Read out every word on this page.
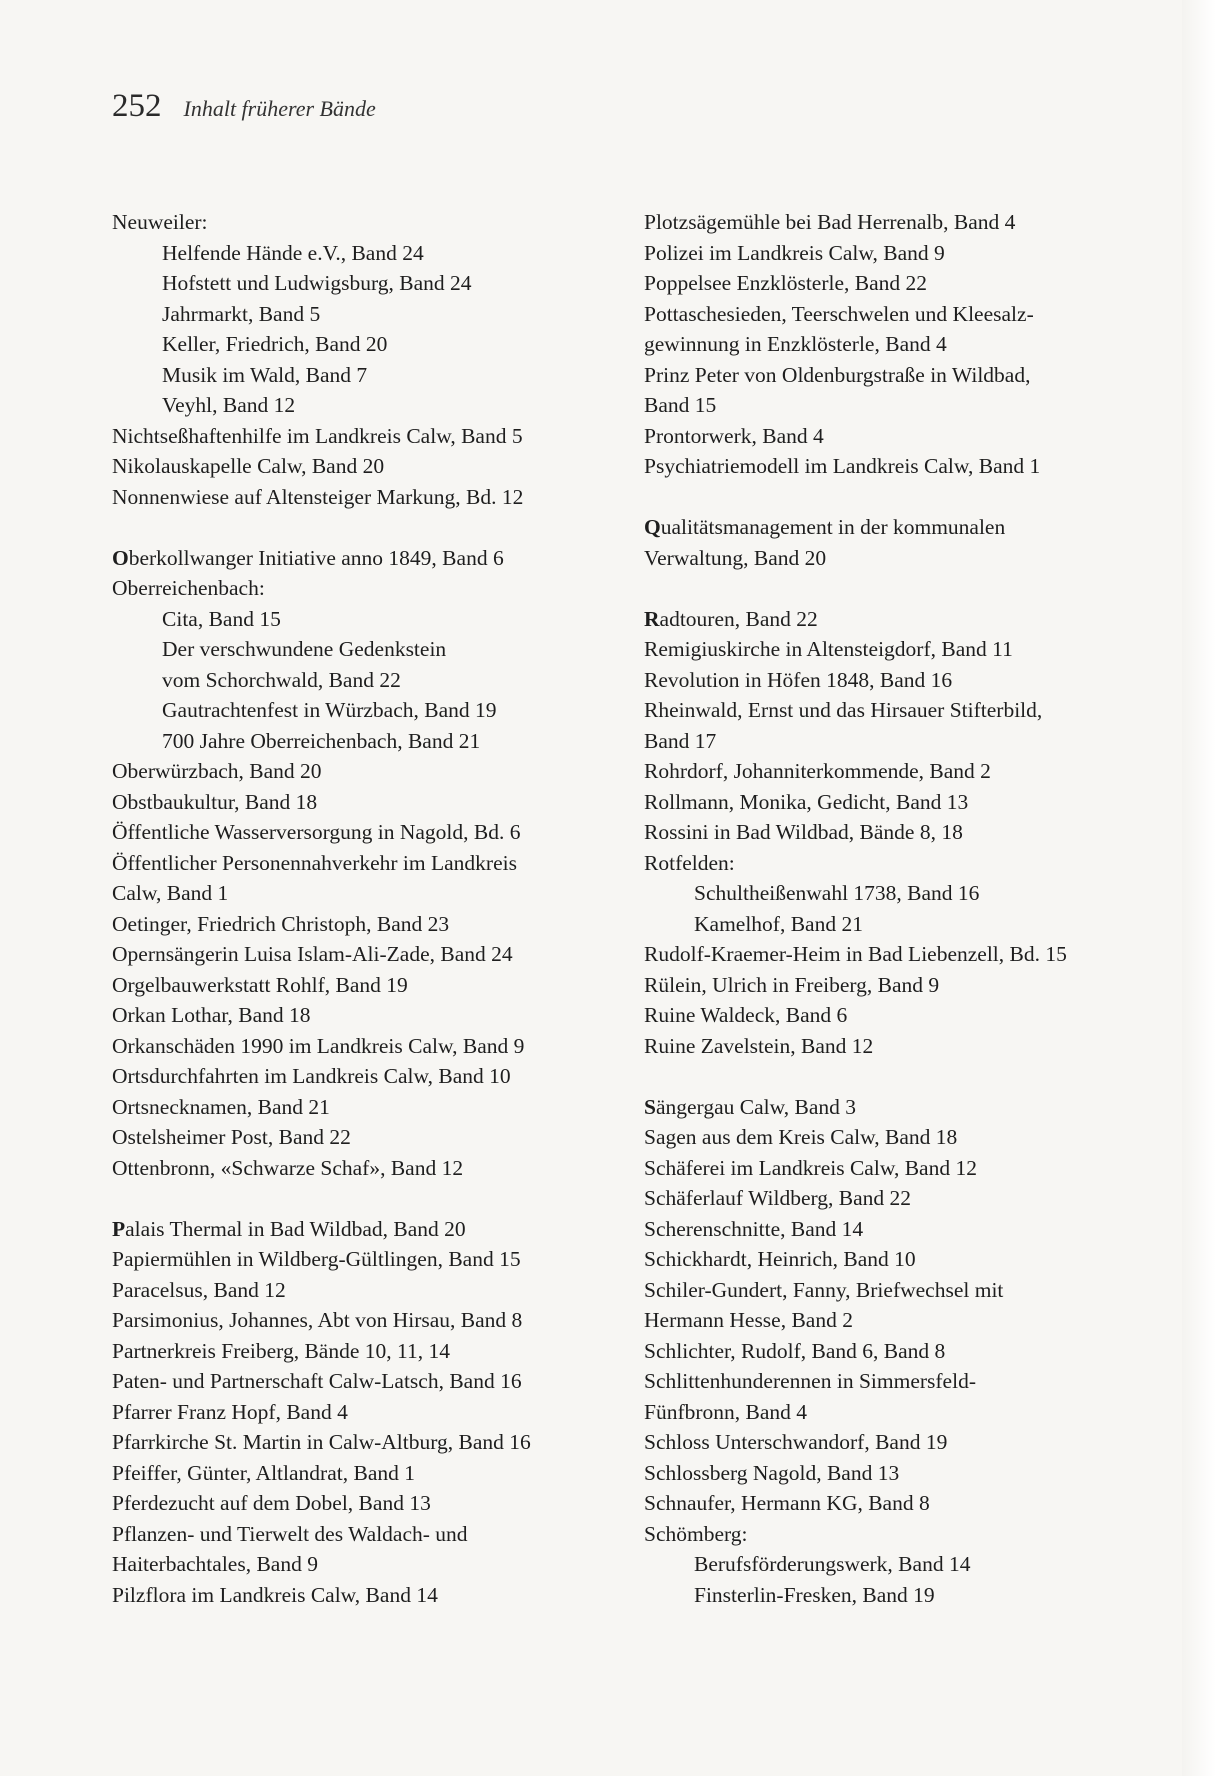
252 Inhalt früherer Bände
Neuweiler:
Helfende Hände e.V., Band 24
Hofstett und Ludwigsburg, Band 24
Jahrmarkt, Band 5
Keller, Friedrich, Band 20
Musik im Wald, Band 7
Veyhl, Band 12
Nichtseßhaftenhilfe im Landkreis Calw, Band 5
Nikolauskapelle Calw, Band 20
Nonnenwiese auf Altensteiger Markung, Bd. 12
Oberkollwanger Initiative anno 1849, Band 6
Oberreichenbach:
Cita, Band 15
Der verschwundene Gedenkstein
vom Schorchwald, Band 22
Gautrachtenfest in Würzbach, Band 19
700 Jahre Oberreichenbach, Band 21
Oberwürzbach, Band 20
Obstbaukultur, Band 18
Öffentliche Wasserversorgung in Nagold, Bd. 6
Öffentlicher Personennahverkehr im Landkreis
Calw, Band 1
Oetinger, Friedrich Christoph, Band 23
Opernsängerin Luisa Islam-Ali-Zade, Band 24
Orgelbauwerkstatt Rohlf, Band 19
Orkan Lothar, Band 18
Orkanschäden 1990 im Landkreis Calw, Band 9
Ortsdurchfahrten im Landkreis Calw, Band 10
Ortsnecknamen, Band 21
Ostelsheimer Post, Band 22
Ottenbronn, «Schwarze Schaf», Band 12
Palais Thermal in Bad Wildbad, Band 20
Papiermühlen in Wildberg-Gültlingen, Band 15
Paracelsus, Band 12
Parsimonius, Johannes, Abt von Hirsau, Band 8
Partnerkreis Freiberg, Bände 10, 11, 14
Paten- und Partnerschaft Calw-Latsch, Band 16
Pfarrer Franz Hopf, Band 4
Pfarrkirche St. Martin in Calw-Altburg, Band 16
Pfeiffer, Günter, Altlandrat, Band 1
Pferdezucht auf dem Dobel, Band 13
Pflanzen- und Tierwelt des Waldach- und
Haiterbachtales, Band 9
Pilzflora im Landkreis Calw, Band 14
Plotzsägemühle bei Bad Herrenalb, Band 4
Polizei im Landkreis Calw, Band 9
Poppelsee Enzklösterle, Band 22
Pottaschesieden, Teerschwelen und Kleesalz-
gewinnung in Enzklösterle, Band 4
Prinz Peter von Oldenburgstraße in Wildbad,
Band 15
Prontorwerk, Band 4
Psychiatriemodell im Landkreis Calw, Band 1
Qualitätsmanagement in der kommunalen
Verwaltung, Band 20
Radtouren, Band 22
Remigiuskirche in Altensteigdorf, Band 11
Revolution in Höfen 1848, Band 16
Rheinwald, Ernst und das Hirsauer Stifterbild,
Band 17
Rohrdorf, Johanniterkommende, Band 2
Rollmann, Monika, Gedicht, Band 13
Rossini in Bad Wildbad, Bände 8, 18
Rotfelden:
Schultheißenwahl 1738, Band 16
Kamelhof, Band 21
Rudolf-Kraemer-Heim in Bad Liebenzell, Bd. 15
Rülein, Ulrich in Freiberg, Band 9
Ruine Waldeck, Band 6
Ruine Zavelstein, Band 12
Sängergau Calw, Band 3
Sagen aus dem Kreis Calw, Band 18
Schäferei im Landkreis Calw, Band 12
Schäferlauf Wildberg, Band 22
Scherenschnitte, Band 14
Schickhardt, Heinrich, Band 10
Schiler-Gundert, Fanny, Briefwechsel mit
Hermann Hesse, Band 2
Schlichter, Rudolf, Band 6, Band 8
Schlittenhunderennen in Simmersfeld-
Fünfbronn, Band 4
Schloss Unterschwandorf, Band 19
Schlossberg Nagold, Band 13
Schnaufer, Hermann KG, Band 8
Schömberg:
Berufsförderungswerk, Band 14
Finsterlin-Fresken, Band 19
